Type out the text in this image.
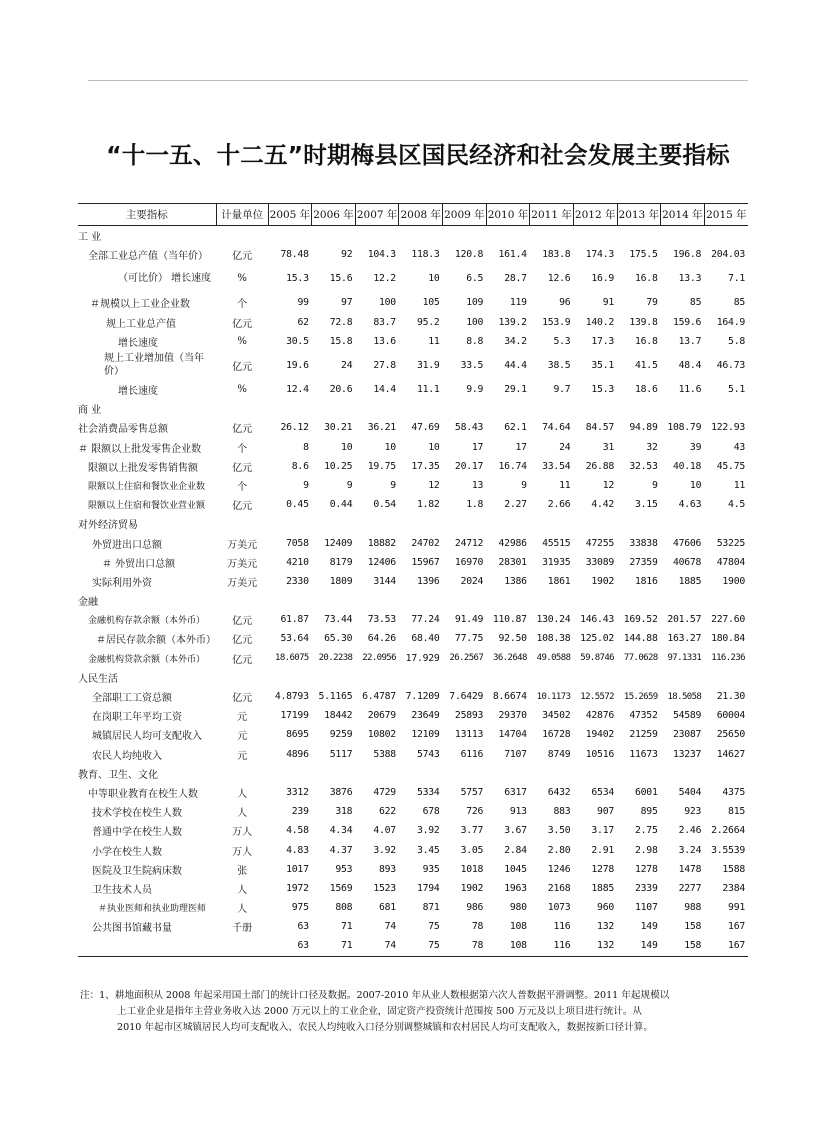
“十一五、十二五”时期梅县区国民经济和社会发展主要指标
主要指标	计量单位	2005 年	2006 年	2007 年	2008 年	2009 年	2010 年	2011 年	2012 年	2013 年	2014 年	2015 年
工 业												
全部工业总产值（当年价）	亿元	78.48	92	104.3	118.3	120.8	161.4	183.8	174.3	175.5	196.8	204.03
（可比价） 增长速度	%	15.3	15.6	12.2	10	6.5	28.7	12.6	16.9	16.8	13.3	7.1
＃规模以上工业企业数	个	99	97	100	105	109	119	96	91	79	85	85
规上工业总产值	亿元	62	72.8	83.7	95.2	100	139.2	153.9	140.2	139.8	159.6	164.9
增长速度	%	30.5	15.8	13.6	11	8.8	34.2	5.3	17.3	16.8	13.7	5.8
规上工业增加值（当年价）	亿元	19.6	24	27.8	31.9	33.5	44.4	38.5	35.1	41.5	48.4	46.73
增长速度	%	12.4	20.6	14.4	11.1	9.9	29.1	9.7	15.3	18.6	11.6	5.1
商 业												
社会消费品零售总额	亿元	26.12	30.21	36.21	47.69	58.43	62.1	74.64	84.57	94.89	108.79	122.93
＃ 限额以上批发零售企业数	个	8	10	10	10	17	17	24	31	32	39	43
限额以上批发零售销售额	亿元	8.6	10.25	19.75	17.35	20.17	16.74	33.54	26.88	32.53	40.18	45.75
限额以上住宿和餐饮业企业数	个	9	9	9	12	13	9	11	12	9	10	11
限额以上住宿和餐饮业营业额	亿元	0.45	0.44	0.54	1.82	1.8	2.27	2.66	4.42	3.15	4.63	4.5
对外经济贸易												
外贸进出口总额	万美元	7058	12409	18882	24702	24712	42986	45515	47255	33838	47606	53225
＃ 外贸出口总额	万美元	4210	8179	12406	15967	16970	28301	31935	33089	27359	40678	47804
实际利用外资	万美元	2330	1809	3144	1396	2024	1386	1861	1902	1816	1885	1900
金融												
金融机构存款余额（本外币）	亿元	61.87	73.44	73.53	77.24	91.49	110.87	130.24	146.43	169.52	201.57	227.60
＃居民存款余额（本外币）	亿元	53.64	65.30	64.26	68.40	77.75	92.50	108.38	125.02	144.88	163.27	180.84
金融机构贷款余额（本外币）	亿元	18.6075	20.2238	22.0956	17.929	26.2567	36.2648	49.0588	59.8746	77.0628	97.1331	116.236
人民生活												
全部职工工资总额	亿元	4.8793	5.1165	6.4787	7.1209	7.6429	8.6674	10.1173	12.5572	15.2659	18.5058	21.30
在岗职工年平均工资	元	17199	18442	20679	23649	25893	29370	34502	42876	47352	54589	60004
城镇居民人均可支配收入	元	8695	9259	10802	12109	13113	14704	16728	19402	21259	23087	25650
农民人均纯收入	元	4896	5117	5388	5743	6116	7107	8749	10516	11673	13237	14627
教育、卫生、文化												
中等职业教育在校生人数	人	3312	3876	4729	5334	5757	6317	6432	6534	6001	5404	4375
技术学校在校生人数	人	239	318	622	678	726	913	883	907	895	923	815
普通中学在校生人数	万人	4.58	4.34	4.07	3.92	3.77	3.67	3.50	3.17	2.75	2.46	2.2664
小学在校生人数	万人	4.83	4.37	3.92	3.45	3.05	2.84	2.80	2.91	2.98	3.24	3.5539
医院及卫生院病床数	张	1017	953	893	935	1018	1045	1246	1278	1278	1478	1588
卫生技术人员	人	1972	1569	1523	1794	1902	1963	2168	1885	2339	2277	2384
＃执业医师和执业助理医师	人	975	808	681	871	986	980	1073	960	1107	988	991
公共图书馆藏书量	千册	63	71	74	75	78	108	116	132	149	158	167
		63	71	74	75	78	108	116	132	149	158	167

注：1、耕地面积从 2008 年起采用国土部门的统计口径及数据。2007-2010 年从业人数根据第六次人普数据平滑调整。2011 年起规模以

上工业企业是指年主营业务收入达 2000 万元以上的工业企业，固定资产投资统计范围按 500 万元及以上项目进行统计。从

2010 年起市区城镇居民人均可支配收入、农民人均纯收入口径分别调整城镇和农村居民人均可支配收入，数据按新口径计算。
